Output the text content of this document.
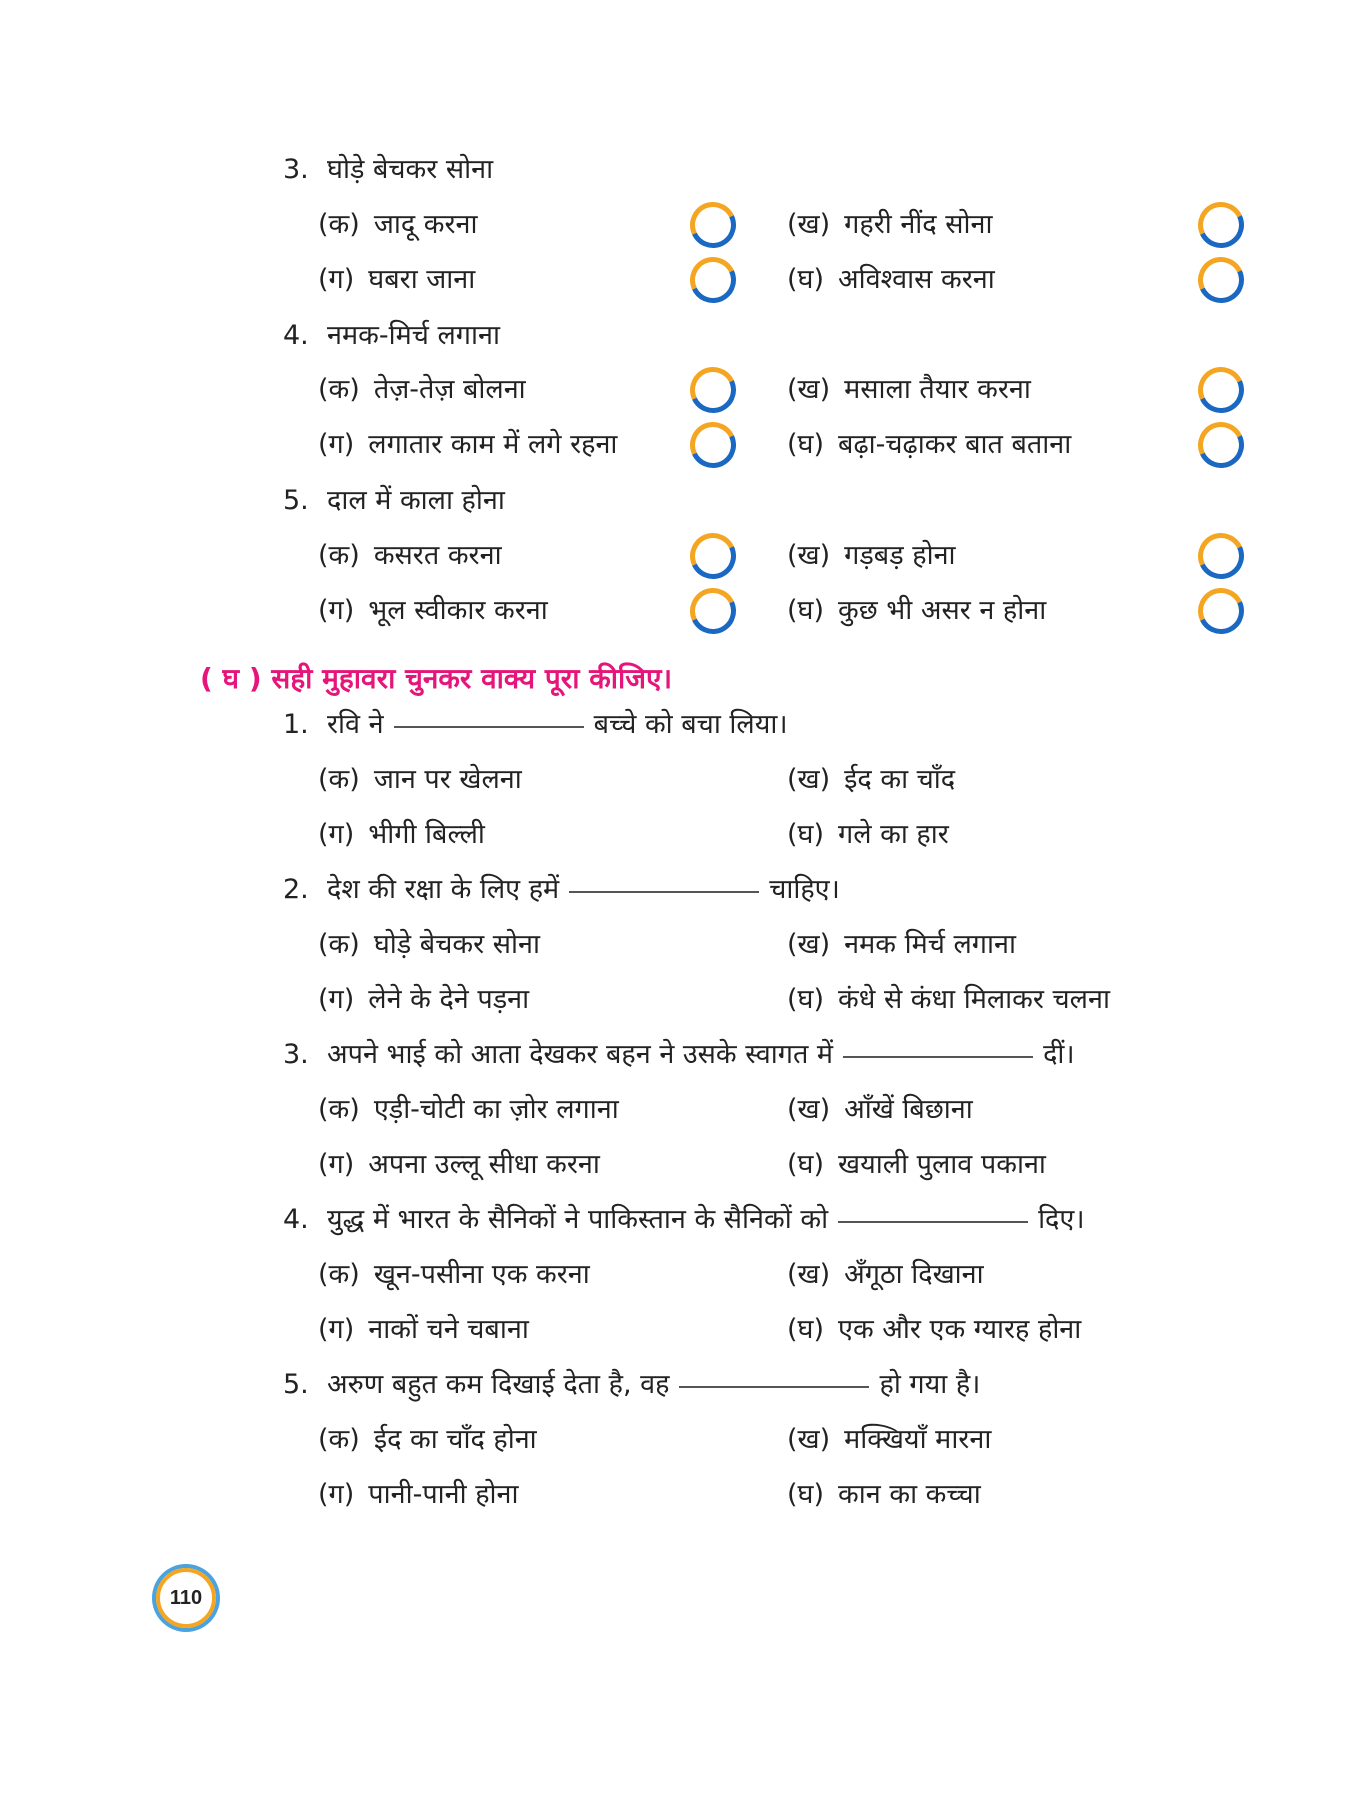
3. घोड़े बेचकर सोना
(क) जादू करना	(ख) गहरी नींद सोना
(ग) घबरा जाना	(घ) अविश्वास करना
4. नमक-मिर्च लगाना
(क) तेज़-तेज़ बोलना	(ख) मसाला तैयार करना
(ग) लगातार काम में लगे रहना	(घ) बढ़ा-चढ़ाकर बात बताना
5. दाल में काला होना
(क) कसरत करना	(ख) गड़बड़ होना
(ग) भूल स्वीकार करना	(घ) कुछ भी असर न होना
( घ ) सही मुहावरा चुनकर वाक्य पूरा कीजिए।
1. रवि ने	बच्चे को बचा लिया।
(क) जान पर खेलना	(ख) ईद का चाँद
(ग) भीगी बिल्ली	(घ) गले का हार
2. देश की रक्षा के लिए हमें	चाहिए।
(क) घोड़े बेचकर सोना	(ख) नमक मिर्च लगाना
(ग) लेने के देने पड़ना	(घ) कंधे से कंधा मिलाकर चलना
3. अपने भाई को आता देखकर बहन ने उसके स्वागत में	दीं।
(क) एड़ी-चोटी का ज़ोर लगाना	(ख) आँखें बिछाना
(ग) अपना उल्लू सीधा करना	(घ) खयाली पुलाव पकाना
4. युद्ध में भारत के सैनिकों ने पाकिस्तान के सैनिकों को	दिए।
(क) खून-पसीना एक करना	(ख) अँगूठा दिखाना
(ग) नाकों चने चबाना	(घ) एक और एक ग्यारह होना
5. अरुण बहुत कम दिखाई देता है, वह	हो गया है।
(क) ईद का चाँद होना	(ख) मक्खियाँ मारना
(ग) पानी-पानी होना	(घ) कान का कच्चा
110
